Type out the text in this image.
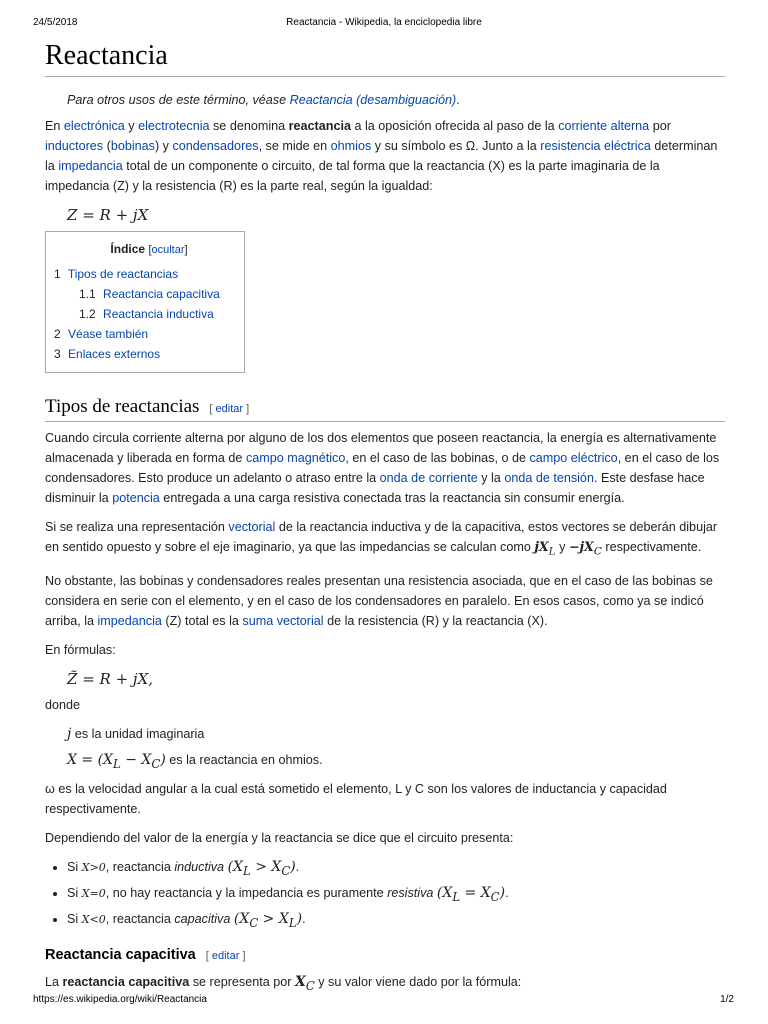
24/5/2018	Reactancia - Wikipedia, la enciclopedia libre
Reactancia
Para otros usos de este término, véase Reactancia (desambiguación).

En electrónica y electrotecnia se denomina reactancia a la oposición ofrecida al paso de la corriente alterna por inductores (bobinas) y condensadores, se mide en ohmios y su símbolo es Ω. Junto a la resistencia eléctrica determinan la impedancia total de un componente o circuito, de tal forma que la reactancia (X) es la parte imaginaria de la impedancia (Z) y la resistencia (R) es la parte real, según la igualdad:

Z = R + jX
Índice [ocultar]
1 Tipos de reactancias
1.1 Reactancia capacitiva
1.2 Reactancia inductiva
2 Véase también
3 Enlaces externos
Tipos de reactancias [ editar ]

Cuando circula corriente alterna por alguno de los dos elementos que poseen reactancia, la energía es alternativamente almacenada y liberada en forma de campo magnético, en el caso de las bobinas, o de campo eléctrico, en el caso de los condensadores. Esto produce un adelanto o atraso entre la onda de corriente y la onda de tensión. Este desfase hace disminuir la potencia entregada a una carga resistiva conectada tras la reactancia sin consumir energía.

Si se realiza una representación vectorial de la reactancia inductiva y de la capacitiva, estos vectores se deberán dibujar en sentido opuesto y sobre el eje imaginario, ya que las impedancias se calculan como $jX_L$ $y -jX_C$ respectivamente.

No obstante, las bobinas y condensadores reales presentan una resistencia asociada, que en el caso de las bobinas se considera en serie con el elemento, y en el caso de los condensadores en paralelo. En esos casos, como ya se indicó arriba, la impedancia (Z) total es la suma vectorial de la resistencia (R) y la reactancia (X).

En fórmulas:

Z̃ = R + jX,

donde

j es la unidad imaginaria
$X = (X_L - X_C)$ es la reactancia en ohmios.

ω es la velocidad angular a la cual está sometido el elemento, L y C son los valores de inductancia y capacidad respectivamente.

Dependiendo del valor de la energía y la reactancia se dice que el circuito presenta:

• Si X>0, reactancia inductiva $(X_L > X_C)$.
• Si X=0, no hay reactancia y la impedancia es puramente resistiva $(X_L = X_C)$.
• Si X<0, reactancia capacitiva $(X_C > X_L)$.
Reactancia capacitiva [ editar ]

La reactancia capacitiva se representa por $X_C$ y su valor viene dado por la fórmula:

https://es.wikipedia.org/wiki/Reactancia	1/2
